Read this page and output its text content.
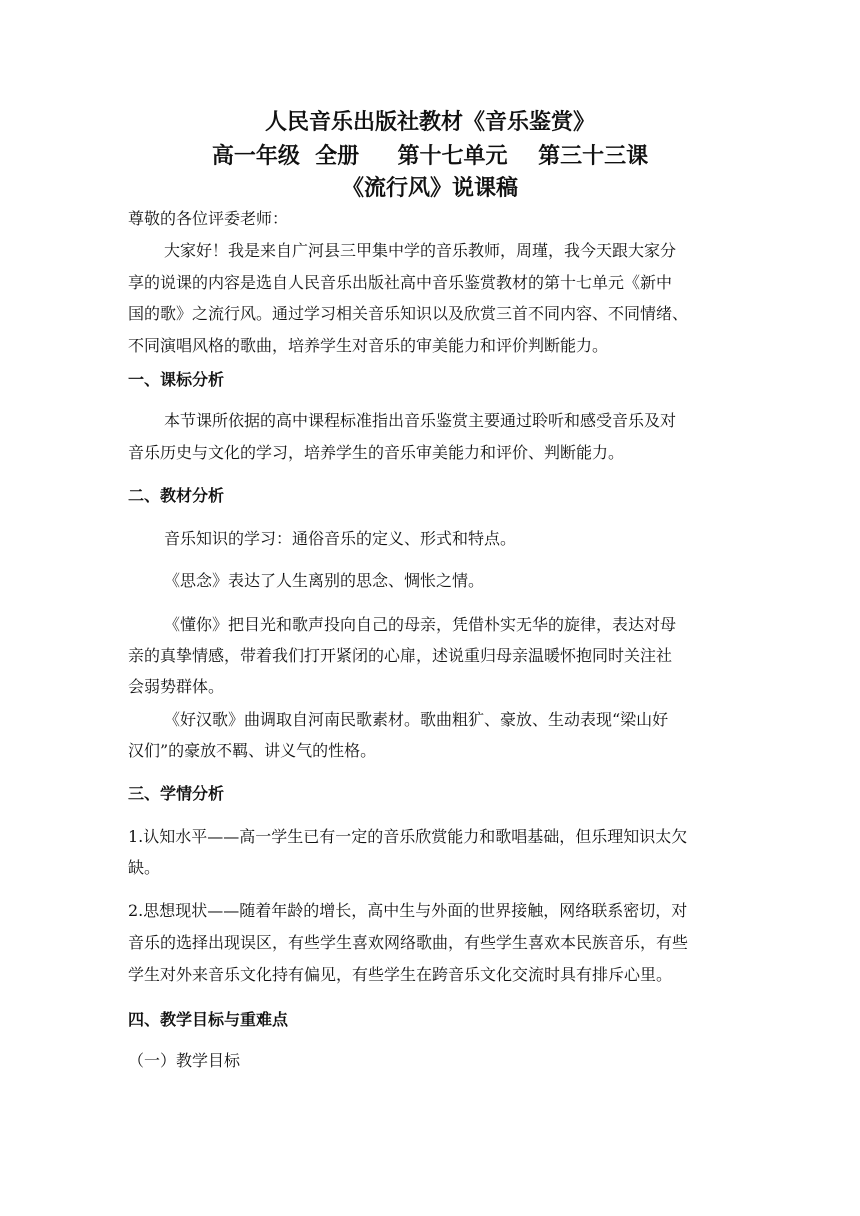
人民音乐出版社教材《音乐鉴赏》
高一年级  全册     第十七单元    第三十三课
《流行风》说课稿
尊敬的各位评委老师：
大家好！我是来自广河县三甲集中学的音乐教师，周瑾，我今天跟大家分
享的说课的内容是选自人民音乐出版社高中音乐鉴赏教材的第十七单元《新中
国的歌》之流行风。通过学习相关音乐知识以及欣赏三首不同内容、不同情绪、
不同演唱风格的歌曲，培养学生对音乐的审美能力和评价判断能力。
一、课标分析
本节课所依据的高中课程标准指出音乐鉴赏主要通过聆听和感受音乐及对
音乐历史与文化的学习，培养学生的音乐审美能力和评价、判断能力。
二、教材分析
音乐知识的学习：通俗音乐的定义、形式和特点。
《思念》表达了人生离别的思念、惆怅之情。
《懂你》把目光和歌声投向自己的母亲，凭借朴实无华的旋律，表达对母
亲的真挚情感，带着我们打开紧闭的心扉，述说重归母亲温暖怀抱同时关注社
会弱势群体。
《好汉歌》曲调取自河南民歌素材。歌曲粗犷、豪放、生动表现“梁山好
汉们”的豪放不羁、讲义气的性格。
三、学情分析
1.认知水平——高一学生已有一定的音乐欣赏能力和歌唱基础，但乐理知识太欠
缺。
2.思想现状——随着年龄的增长，高中生与外面的世界接触，网络联系密切，对
音乐的选择出现误区，有些学生喜欢网络歌曲，有些学生喜欢本民族音乐，有些
学生对外来音乐文化持有偏见，有些学生在跨音乐文化交流时具有排斥心里。
四、教学目标与重难点
（一）教学目标
